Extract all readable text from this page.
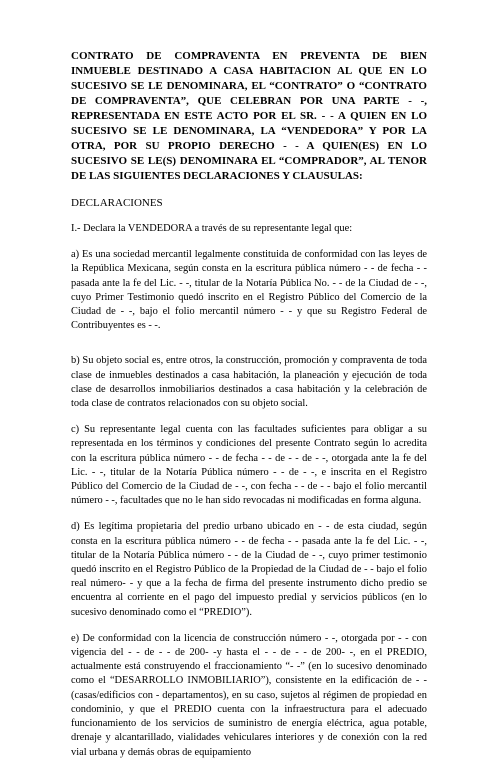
CONTRATO DE COMPRAVENTA EN PREVENTA DE BIEN INMUEBLE DESTINADO A CASA HABITACION AL QUE EN LO SUCESIVO SE LE DENOMINARA, EL “CONTRATO” O “CONTRATO DE COMPRAVENTA”, QUE CELEBRAN POR UNA PARTE - -, REPRESENTADA EN ESTE ACTO POR EL SR. - - A QUIEN EN LO SUCESIVO SE LE DENOMINARA, LA “VENDEDORA” Y POR LA OTRA, POR SU PROPIO DERECHO - - A QUIEN(ES) EN LO SUCESIVO SE LE(S) DENOMINARA EL “COMPRADOR”, AL TENOR DE LAS SIGUIENTES DECLARACIONES Y CLAUSULAS:

DECLARACIONES

I.- Declara la VENDEDORA a través de su representante legal que:

a) Es una sociedad mercantil legalmente constituida de conformidad con las leyes de la República Mexicana, según consta en la escritura pública número - - de fecha - - pasada ante la fe del Lic. - -, titular de la Notaría Pública No. - - de la Ciudad de - -, cuyo Primer Testimonio quedó inscrito en el Registro Público del Comercio de la Ciudad de - -, bajo el folio mercantil número - - y que su Registro Federal de Contribuyentes es - -.

b) Su objeto social es, entre otros, la construcción, promoción y compraventa de toda clase de inmuebles destinados a casa habitación, la planeación y ejecución de toda clase de desarrollos inmobiliarios destinados a casa habitación y la celebración de toda clase de contratos relacionados con su objeto social.

c) Su representante legal cuenta con las facultades suficientes para obligar a su representada en los términos y condiciones del presente Contrato según lo acredita con la escritura pública número - - de fecha - - de - - de - -, otorgada ante la fe del Lic. - -, titular de la Notaría Pública número - - de - -, e inscrita en el Registro Público del Comercio de la Ciudad de - -, con fecha - - de - - bajo el folio mercantil número - -, facultades que no le han sido revocadas ni modificadas en forma alguna.

d) Es legítima propietaria del predio urbano ubicado en - - de esta ciudad, según consta en la escritura pública número - - de fecha - - pasada ante la fe del Lic. - -, titular de la Notaría Pública número - - de la Ciudad de - -, cuyo primer testimonio quedó inscrito en el Registro Público de la Propiedad de la Ciudad de - - bajo el folio real número- - y que a la fecha de firma del presente instrumento dicho predio se encuentra al corriente en el pago del impuesto predial y servicios públicos (en lo sucesivo denominado como el “PREDIO”).

e) De conformidad con la licencia de construcción número - -, otorgada por - - con vigencia del - - de - - de 200- -y hasta el - - de - - de 200- -, en el PREDIO, actualmente está construyendo el fraccionamiento “- -” (en lo sucesivo denominado como el “DESARROLLO INMOBILIARIO”), consistente en la edificación de - - (casas/edificios con - departamentos), en su caso, sujetos al régimen de propiedad en condominio, y que el PREDIO cuenta con la infraestructura para el adecuado funcionamiento de los servicios de suministro de energía eléctrica, agua potable, drenaje y alcantarillado, vialidades vehiculares interiores y de conexión con la red vial urbana y demás obras de equipamiento
